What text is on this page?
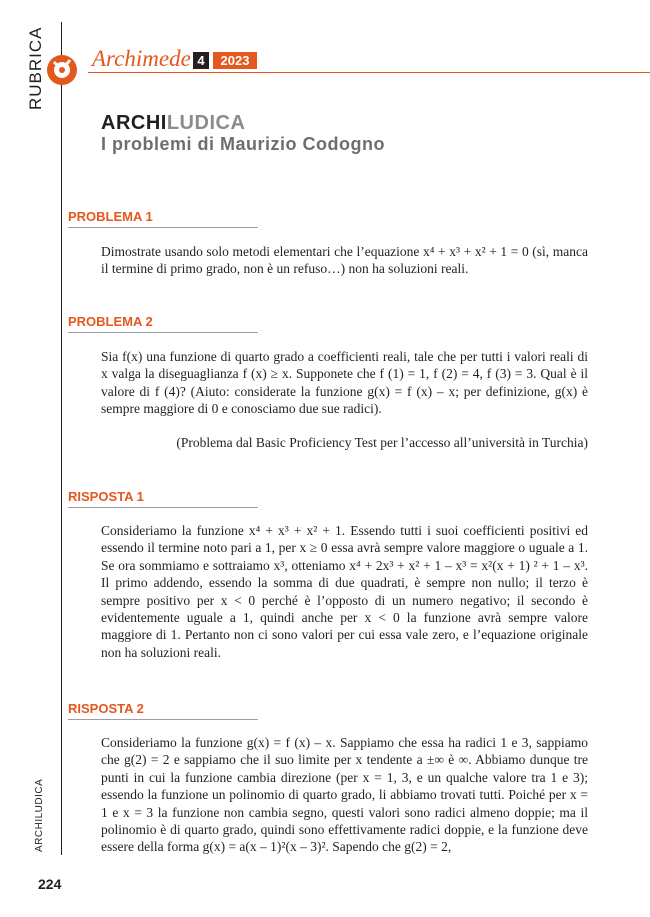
RUBRICA Archimede 4	2023
ARCHILUDICA
I problemi di Maurizio Codogno
PROBLEMA 1

Dimostrate usando solo metodi elementari che l’equazione x⁴ + x³ + x² + 1 = 0 (sì, manca il termine di primo grado, non è un refuso…) non ha soluzioni reali.

PROBLEMA 2

Sia f(x) una funzione di quarto grado a coefficienti reali, tale che per tutti i valori reali di x valga la diseguaglianza f (x) ≥ x. Supponete che f (1) = 1, f (2) = 4, f (3) = 3. Qual è il valore di f (4)? (Aiuto: considerate la funzione g(x) = f (x) – x; per definizione, g(x) è sempre maggiore di 0 e conosciamo due sue radici).

(Problema dal Basic Proficiency Test per l’accesso all’università in Turchia)

RISPOSTA 1

Consideriamo la funzione x⁴ + x³ + x² + 1. Essendo tutti i suoi coefficienti positivi ed essendo il termine noto pari a 1, per x ≥ 0 essa avrà sempre valore maggiore o uguale a 1. Se ora sommiamo e sottraiamo x³, otteniamo x⁴ + 2x³ + x² + 1 – x³ = x²(x + 1) ² + 1 – x³. Il primo addendo, essendo la somma di due quadrati, è sempre non nullo; il terzo è sempre positivo per x < 0 perché è l’opposto di un numero negativo; il secondo è evidentemente uguale a 1, quindi anche per x < 0 la funzione avrà sempre valore maggiore di 1. Pertanto non ci sono valori per cui essa vale zero, e l’equazione originale non ha soluzioni reali.

RISPOSTA 2

Consideriamo la funzione g(x) = f (x) – x. Sappiamo che essa ha radici 1 e 3, sappiamo che g(2) = 2 e sappiamo che il suo limite per x tendente a ±∞ è ∞. Abbiamo dunque tre punti in cui la funzione cambia direzione (per x = 1, 3, e un qualche valore tra 1 e 3); essendo la funzione un polinomio di quarto grado, li abbiamo trovati tutti. Poiché per x = 1 e x = 3 la funzione non cambia segno, questi valori sono radici almeno doppie; ma il polinomio è di quarto grado, quindi sono effettivamente radici doppie, e la funzione deve essere della forma g(x) = a(x – 1)²(x – 3)². Sapendo che g(2) = 2,

ARCHILUDICA
224
